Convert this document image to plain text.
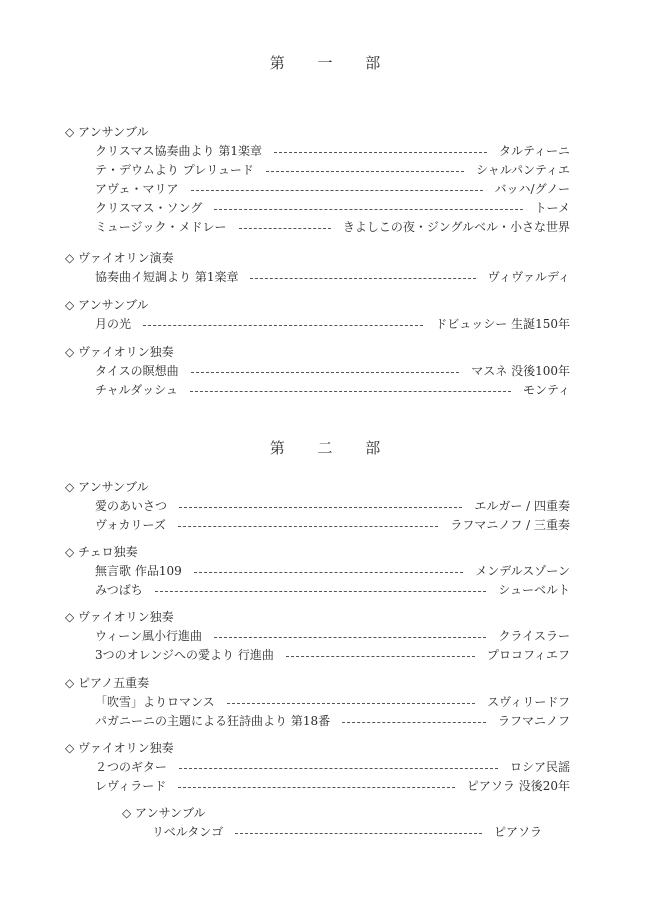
第 一 部
◇ アンサンブル
クリスマス協奏曲より 第1楽章	タルティーニ
テ・デウムより プレリュード	シャルパンティエ
アヴェ・マリア	バッハ/グノー
クリスマス・ソング	トーメ
ミュージック・メドレー	きよしこの夜・ジングルベル・小さな世界
◇ ヴァイオリン演奏
協奏曲イ短調より 第1楽章	ヴィヴァルディ
◇ アンサンブル
月の光	ドビュッシー 生誕150年
◇ ヴァイオリン独奏
タイスの瞑想曲	マスネ 没後100年
チャルダッシュ	モンティ
第 二 部
◇ アンサンブル
愛のあいさつ	エルガー / 四重奏
ヴォカリーズ	ラフマニノフ / 三重奏
◇ チェロ独奏
無言歌 作品109	メンデルスゾーン
みつばち	シューベルト
◇ ヴァイオリン独奏
ウィーン風小行進曲	クライスラー
3つのオレンジへの愛より 行進曲	プロコフィエフ
◇ ピアノ五重奏
「吹雪」よりロマンス	スヴィリードフ
パガニーニの主題による狂詩曲より 第18番	ラフマニノフ
◇ ヴァイオリン独奏
２つのギター	ロシア民謡
レヴィラード	ピアソラ 没後20年
◇ アンサンブル
リベルタンゴ	ピアソラ
